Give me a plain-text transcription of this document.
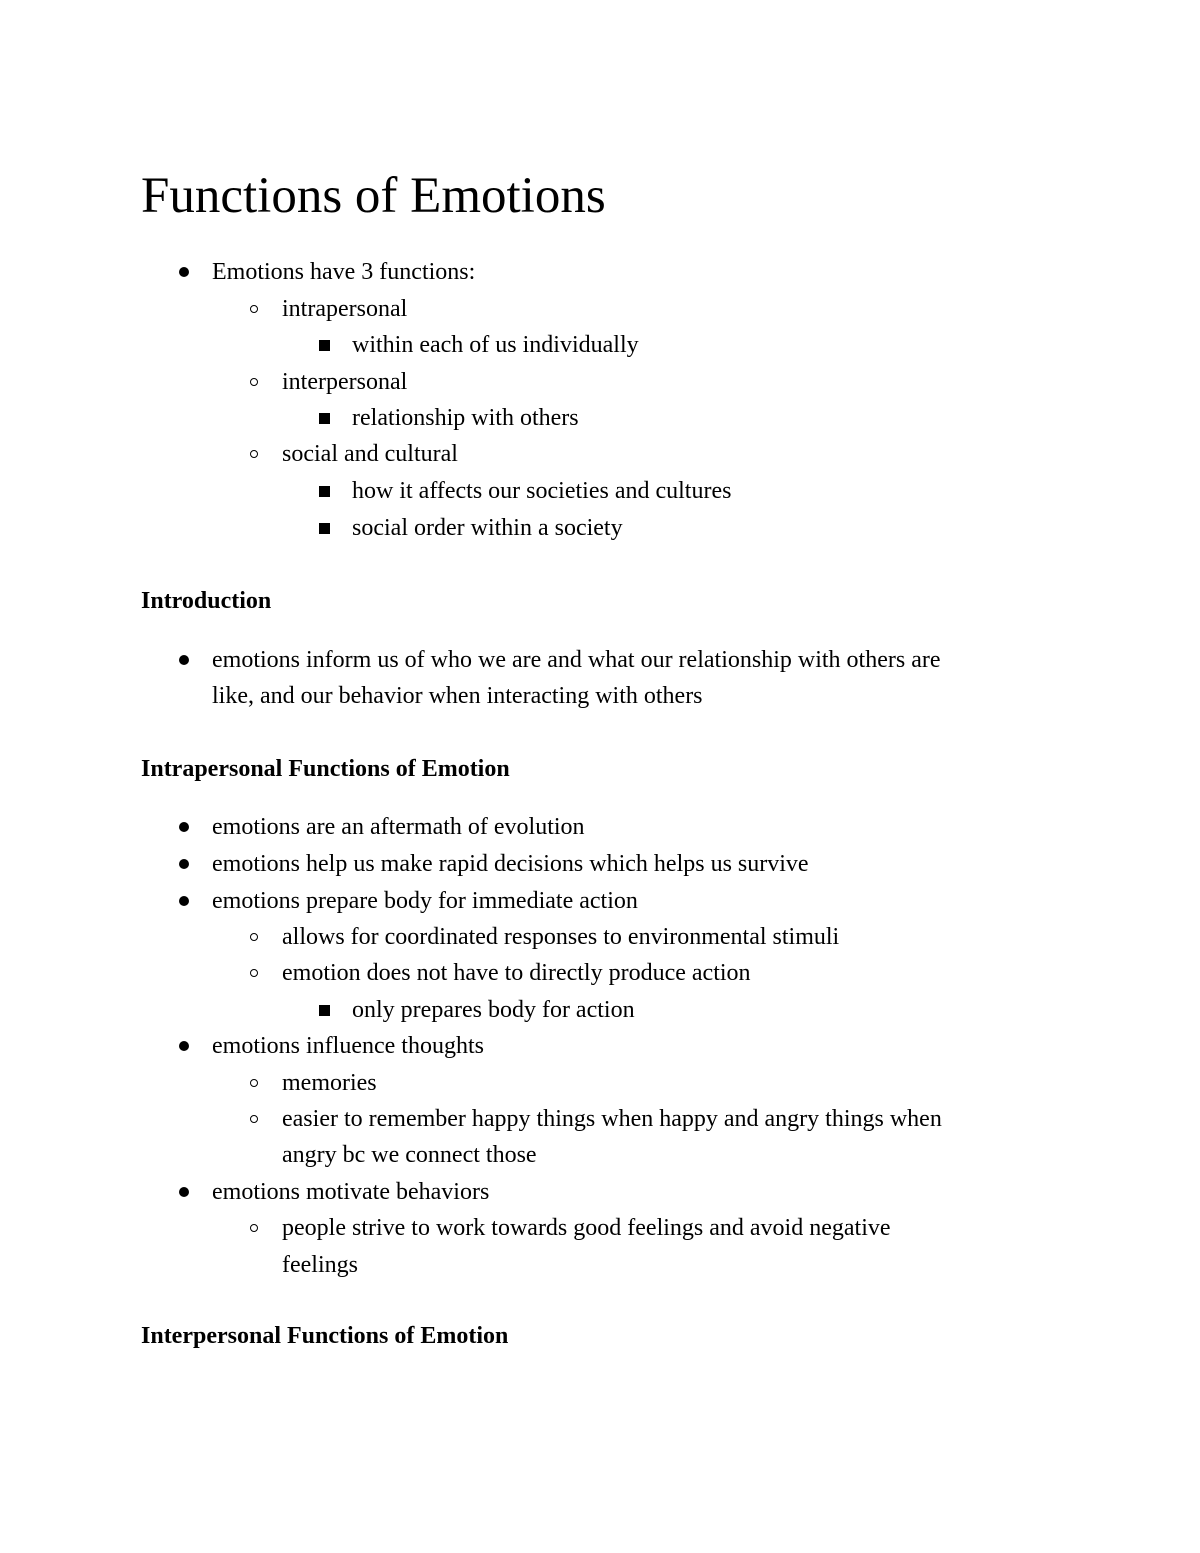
Functions of Emotions
Emotions have 3 functions:
intrapersonal
within each of us individually
interpersonal
relationship with others
social and cultural
how it affects our societies and cultures
social order within a society
Introduction
emotions inform us of who we are and what our relationship with others are
like, and our behavior when interacting with others
Intrapersonal Functions of Emotion
emotions are an aftermath of evolution
emotions help us make rapid decisions which helps us survive
emotions prepare body for immediate action
allows for coordinated responses to environmental stimuli
emotion does not have to directly produce action
only prepares body for action
emotions influence thoughts
memories
easier to remember happy things when happy and angry things when
angry bc we connect those
emotions motivate behaviors
people strive to work towards good feelings and avoid negative
feelings
Interpersonal Functions of Emotion
